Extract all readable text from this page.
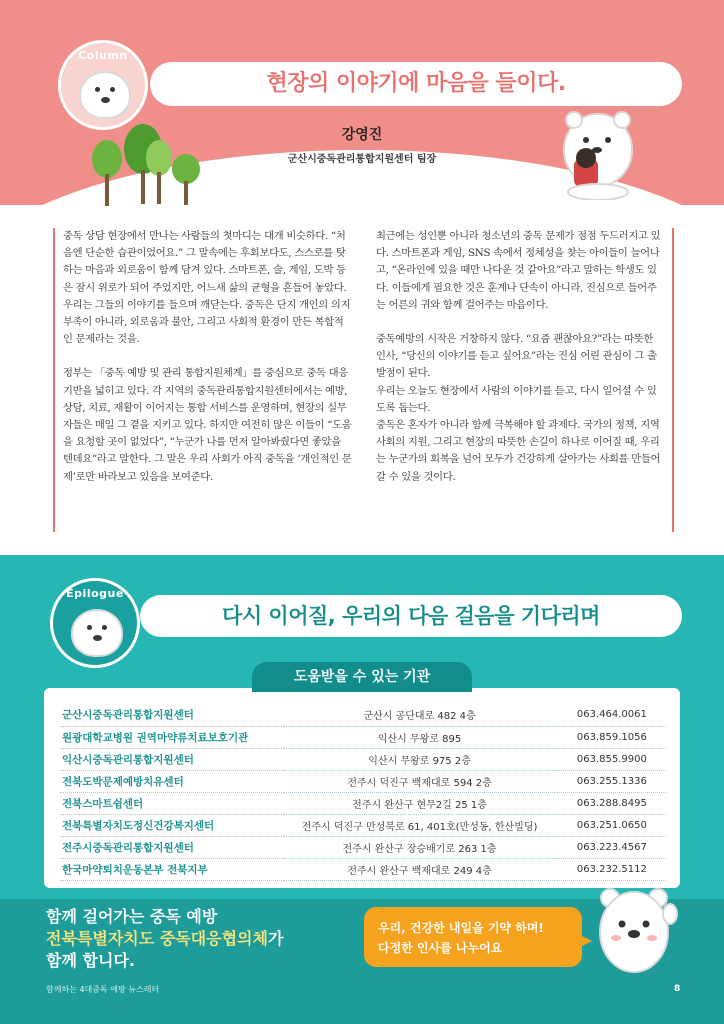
Column
현장의 이야기에 마음을 들이다.
강영진
군산시중독관리통합지원센터 팀장

중독 상담 현장에서 만나는 사람들의 첫마디는 대개 비슷하다. “처음엔 단순한 습관이었어요.” 그 말속에는 후회보다도, 스스로를 탓하는 마음과 외로움이 함께 담겨 있다. 스마트폰, 술, 게임, 도박 등은 잠시 위로가 되어 주었지만, 어느새 삶의 균형을 흔들어 놓았다. 우리는 그들의 이야기를 들으며 깨닫는다. 중독은 단지 개인의 의지 부족이 아니라, 외로움과 불안, 그리고 사회적 환경이 만든 복합적인 문제라는 것을.

정부는 「중독 예방 및 관리 통합지원체계」를 중심으로 중독 대응 기반을 넓히고 있다. 각 지역의 중독관리통합지원센터에서는 예방, 상담, 치료, 재활이 이어지는 통합 서비스를 운영하며, 현장의 실무자들은 매일 그 곁을 지키고 있다. 하지만 여전히 많은 이들이 “도움을 요청할 곳이 없었다”, “누군가 나를 먼저 알아봐줬다면 좋았을 텐데요”라고 말한다. 그 말은 우리 사회가 아직 중독을 ‘개인적인 문제’로만 바라보고 있음을 보여준다.

최근에는 성인뿐 아니라 청소년의 중독 문제가 점점 두드러지고 있다. 스마트폰과 게임, SNS 속에서 정체성을 찾는 아이들이 늘어나고, “온라인에 있을 때만 나다운 것 같아요”라고 말하는 학생도 있다. 이들에게 필요한 것은 훈계나 단속이 아니라, 진심으로 들어주는 어른의 귀와 함께 걸어주는 마음이다.

중독예방의 시작은 거창하지 않다. “요즘 괜찮아요?”라는 따뜻한 인사, “당신의 이야기를 듣고 싶어요”라는 진심 어린 관심이 그 출발점이 된다.

우리는 오늘도 현장에서 사람의 이야기를 듣고, 다시 일어설 수 있도록 돕는다.

중독은 혼자가 아니라 함께 극복해야 할 과제다. 국가의 정책, 지역사회의 지원, 그리고 현장의 따뜻한 손길이 하나로 이어질 때, 우리는 누군가의 회복을 넘어 모두가 건강하게 살아가는 사회를 만들어갈 수 있을 것이다.

Epilogue
다시 이어질, 우리의 다음 걸음을 기다리며
도움받을 수 있는 기관
군산시중독관리통합지원센터	군산시 공단대로 482 4층	063.464.0061
원광대학교병원 권역마약류치료보호기관	익산시 무왕로 895	063.859.1056
익산시중독관리통합지원센터	익산시 무왕로 975 2층	063.855.9900
전북도박문제예방치유센터	전주시 덕진구 백제대로 594 2층	063.255.1336
전북스마트쉼센터	전주시 완산구 현무2길 25 1층	063.288.8495
전북특별자치도정신건강복지센터	전주시 덕진구 만성북로 61, 401호(만성동, 한산빌딩)	063.251.0650
전주시중독관리통합지원센터	전주시 완산구 장승배기로 263 1층	063.223.4567
한국마약퇴치운동본부 전북지부	전주시 완산구 백제대로 249 4층	063.232.5112
함께 걸어가는 중독 예방
전북특별자치도 중독대응협의체가
함께 합니다.
우리, 건강한 내일을 기약 하며!
다정한 인사를 나누어요
함께하는 4대중독 예방 뉴스레터	8
